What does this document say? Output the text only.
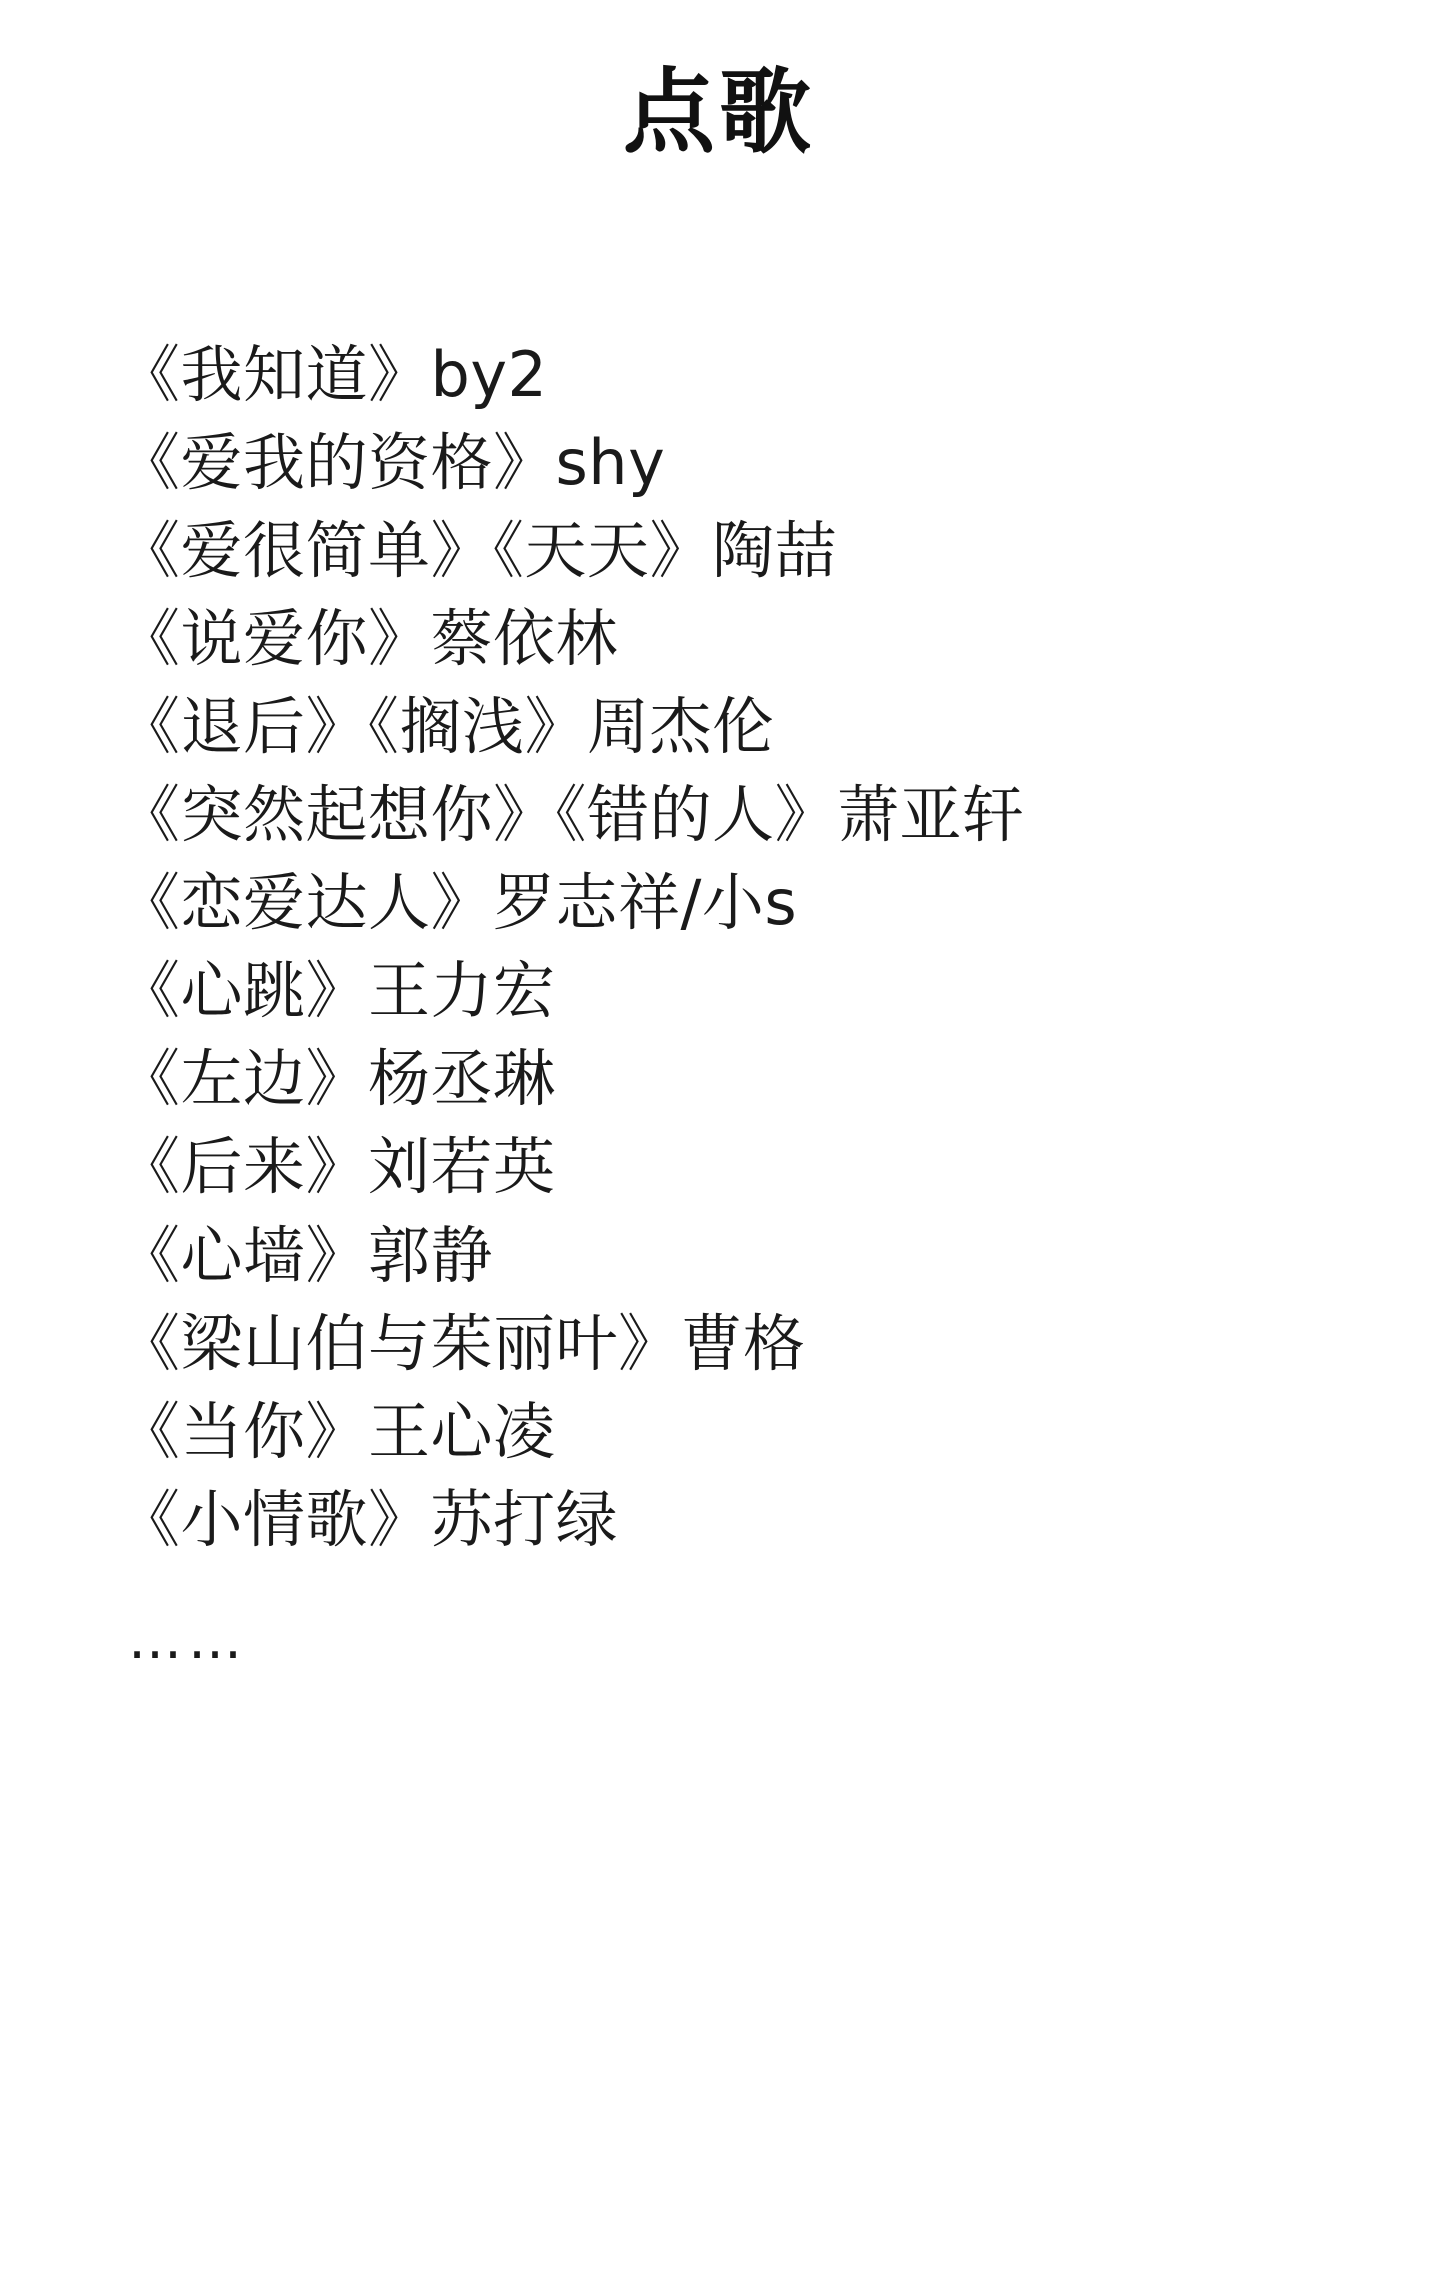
点歌
《我知道》by2
《爱我的资格》shy
《爱很简单》《天天》陶喆
《说爱你》蔡依林
《退后》《搁浅》周杰伦
《突然起想你》《错的人》萧亚轩
《恋爱达人》罗志祥/小s
《心跳》王力宏
《左边》杨丞琳
《后来》刘若英
《心墙》郭静
《梁山伯与茱丽叶》曹格
《当你》王心凌
《小情歌》苏打绿
……
